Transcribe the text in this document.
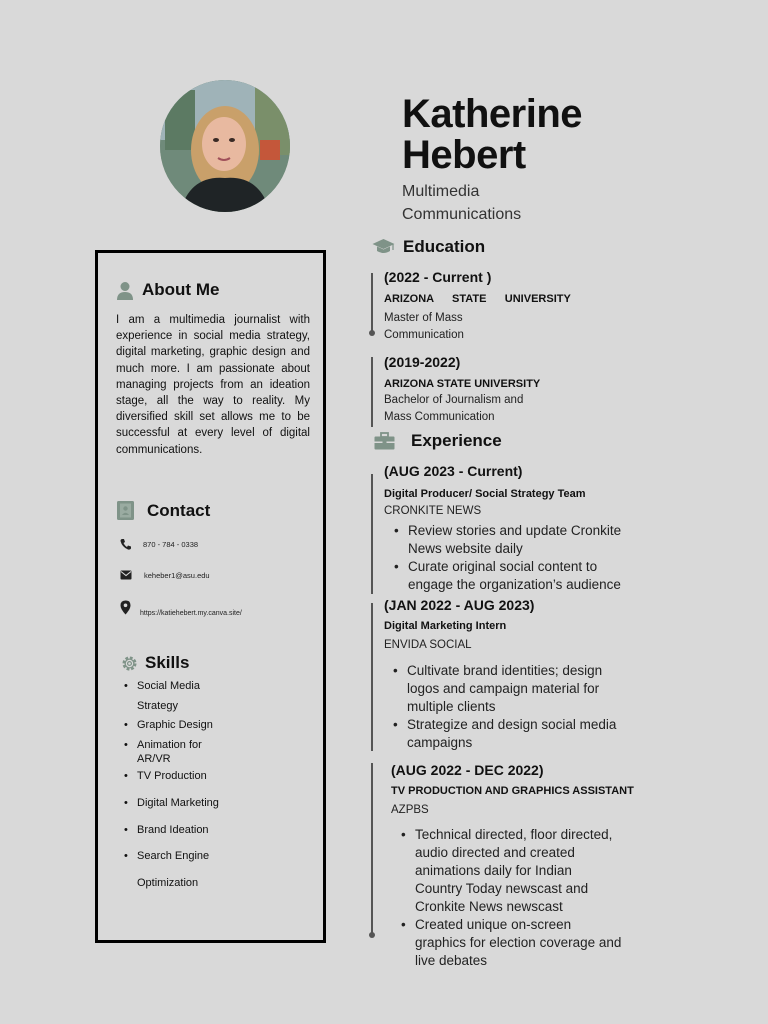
Katherine
Hebert
Multimedia
Communications
About Me
I am a multimedia journalist with experience in social media strategy, digital marketing, graphic design and much more. I am passionate about managing projects from an ideation stage, all the way to reality. My diversified skill set allows me to be successful at every level of digital communications.
Contact
870 - 784 - 0338
keheber1@asu.edu
https://katiehebert.my.canva.site/
Skills
• Social Media
Strategy
• Graphic Design
• Animation for
AR/VR
• TV Production
• Digital Marketing
• Brand Ideation
• Search Engine
Optimization
Education
(2022 - Current )
ARIZONA      STATE      UNIVERSITY
Master of Mass
Communication
(2019-2022)
ARIZONA STATE UNIVERSITY
Bachelor of Journalism and
Mass Communication
Experience
(AUG 2023 - Current)
Digital Producer/ Social Strategy Team
CRONKITE NEWS
• Review stories and update Cronkite
News website daily
• Curate original social content to
engage the organization’s audience
(JAN 2022 - AUG 2023)
Digital Marketing Intern
ENVIDA SOCIAL
• Cultivate brand identities; design
logos and campaign material for
multiple clients
• Strategize and design social media
campaigns
(AUG 2022 - DEC 2022)
TV PRODUCTION AND GRAPHICS ASSISTANT
AZPBS
• Technical directed, floor directed,
audio directed and created
animations daily for Indian
Country Today newscast and
Cronkite News newscast
• Created unique on-screen
graphics for election coverage and
live debates
